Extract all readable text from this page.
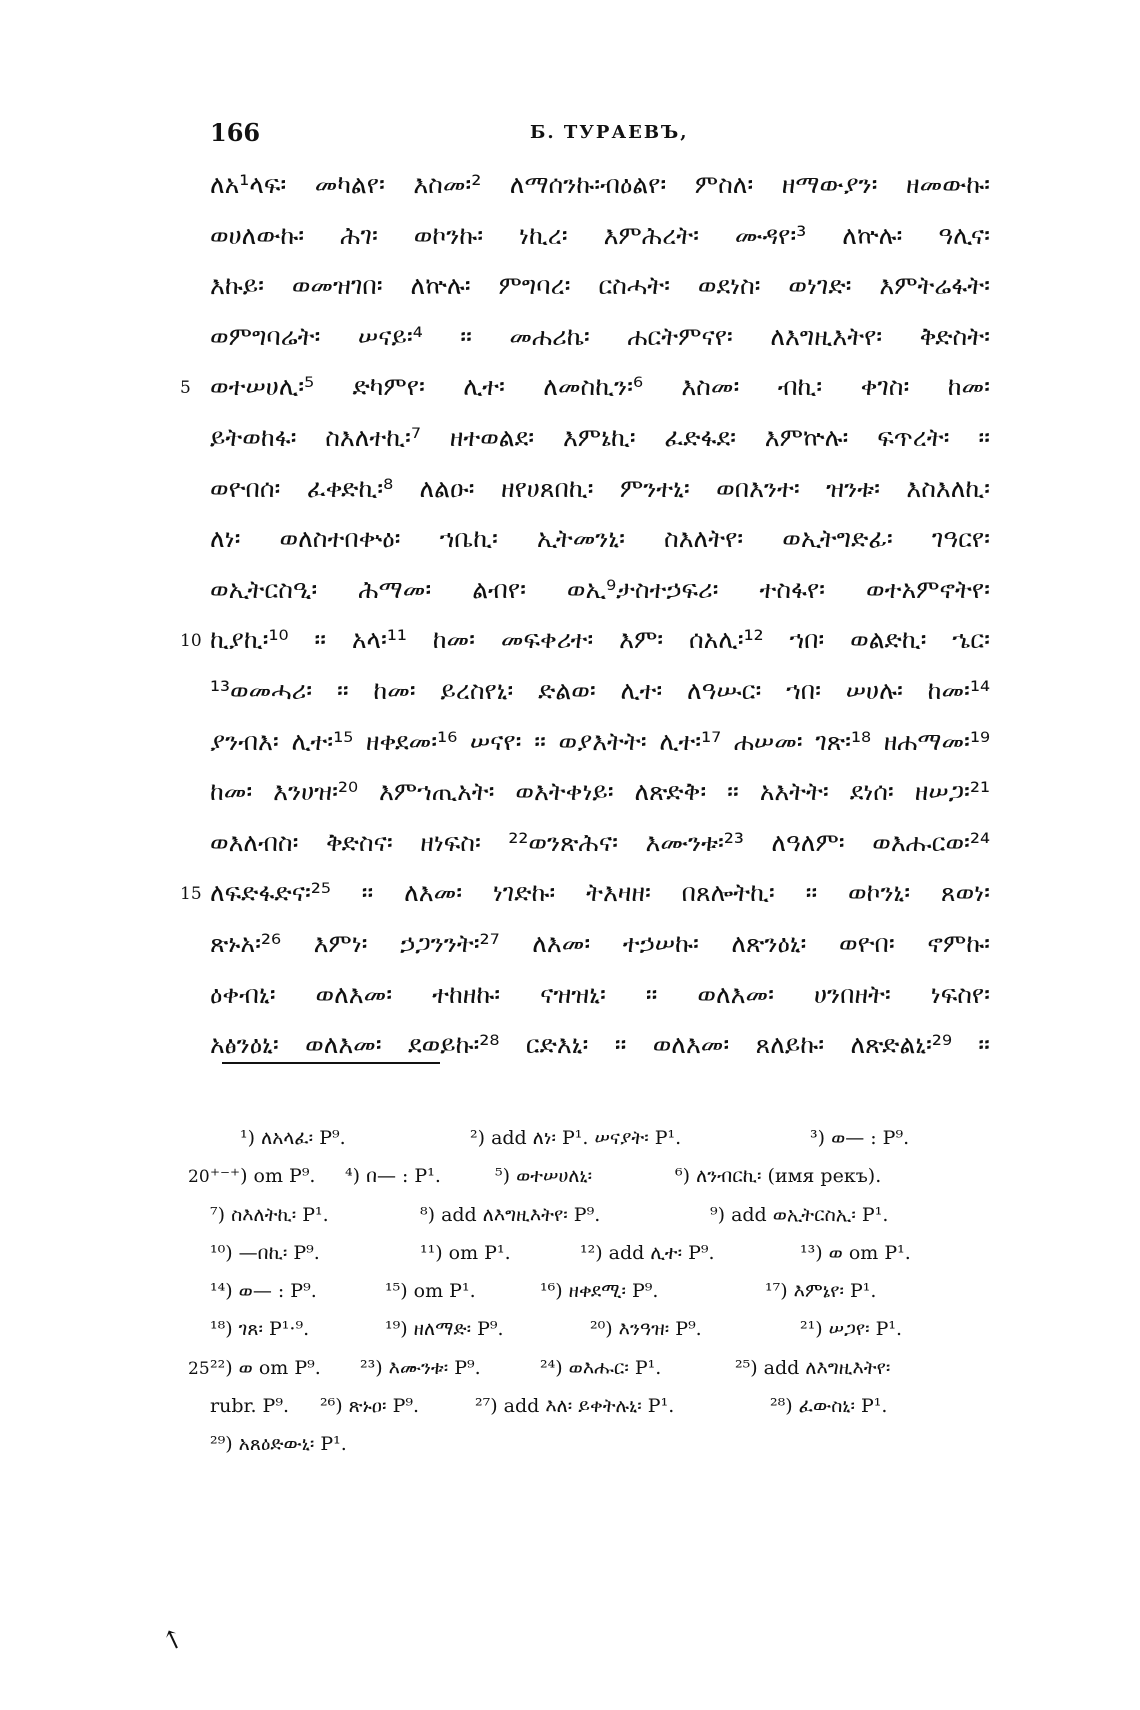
166	Б. ТУРАЕВЪ,
ለአ¹ላፍ፡ መካልየ፡ እስመ፡² ለማሰንኩ፡ብዕልየ፡ ምስለ፡ ዘማውያን፡ ዘመውኩ፡
ወሀለውኩ፡ ሕገ፡ ወኮንኩ፡ ነኪረ፡ እምሕረት፡ ሙዳየ፡³ ለኵሉ፡ ዓሊና፡
እኩይ፡ ወመዝገበ፡ ለኵሉ፡ ምግባረ፡ ርስሓት፡ ወደነስ፡ ወነገድ፡ እምትሬፋት፡
ወምግባሬት፡ ሠናይ፡⁴ ። መሐሪኬ፡ ሐርትምናየ፡ ለእግዚእትየ፡ ቅድስት፡
5 ወተሠሀሊ፡⁵ ድካምየ፡ ሊተ፡ ለመስኪን፡⁶ እስመ፡ ብኪ፡ ቀገስ፡ ከመ፡
ይትወከፋ፡ ስእለተኪ፡⁷ ዘተወልደ፡ እምኔኪ፡ ፈድፋደ፡ እምኵሉ፡ ፍጥረት፡ ።
ወዮበሰ፡ ፈቀድኪ፡⁸ ለልዑ፡ ዘየሀጸበኪ፡ ምንተኒ፡ ወበእንተ፡ ዝንቱ፡ እስእለኪ፡
ለነ፡ ወለስተበቍዕ፡ ኀቤኪ፡ ኢትመንኒ፡ ስእለትየ፡ ወኢትግድፊ፡ ገዓርየ፡
ወኢትርስዒ፡ ሕማመ፡ ልብየ፡ ወኢ⁹ታስተኃፍሪ፡ ተስፋየ፡ ወተአምኖትየ፡
10 ኪያኪ፡¹⁰ ። አላ፡¹¹ ከመ፡ መፍቀሪተ፡ እም፡ ሰአሊ፡¹² ኀበ፡ ወልድኪ፡ ኄር፡
¹³ወመሓሪ፡ ። ከመ፡ ይረስየኒ፡ ድልወ፡ ሊተ፡ ለዓሡር፡ ኀበ፡ ሠሀሉ፡ ከመ፡¹⁴
ያንብእ፡ ሊተ፡¹⁵ ዘቀደመ፡¹⁶ ሠናየ፡ ። ወያእትት፡ ሊተ፡¹⁷ ሐሠመ፡ ገጽ፡¹⁸ ዘሐማመ፡¹⁹
ከመ፡ እንሀዝ፡²⁰ እምኀጢአት፡ ወእትቀነይ፡ ለጽድቅ፡ ። አእትት፡ ደነሰ፡ ዘሠጋ፡²¹
ወእለብስ፡ ቅድስና፡ ዘነፍስ፡ ²²ወንጽሕና፡ እሙንቱ፡²³ ለዓለም፡ ወእሑርወ፡²⁴
15 ለፍድፋድና፡²⁵ ። ለእመ፡ ነገድኩ፡ ትእዛዘ፡ በጸሎትኪ፡ ። ወኮንኒ፡ ጸወነ፡
ጽኑአ፡²⁶ እምነ፡ ኃጋንንት፡²⁷ ለእመ፡ ተኃሠኩ፡ ለጽንዕኒ፡ ወዮበ፡ ኖምኩ፡
ዕቀብኒ፡ ወለእመ፡ ተከዘኩ፡ ናዝዝኒ፡ ። ወለእመ፡ ሀንበዘት፡ ነፍስየ፡
አፅንዕኒ፡ ወለእመ፡ ደወይኩ፡²⁸ ርድእኒ፡ ። ወለእመ፡ ጸለይኩ፡ ለጽድልኒ፡²⁹ ።
¹) ለአላፈ፡ P⁹.	²) add ለነ፡ P¹. ሠናያት፡ P¹.	³) ወ— : P⁹.
20 ⁺⁻⁺) om P⁹. ⁴) በ— : P¹.	⁵) ወተሠሀለኒ፡	⁶) ለንብርኪ፡ (имя рекъ).
⁷) ስእለትኪ፡ P¹.	⁸) add ለእግዚእትየ፡ P⁹.	⁹) add ወኢትርስኢ፡ P¹.
¹⁰) —በኪ፡ P⁹.	¹¹) om P¹.	¹²) add ሊተ፡ P⁹.	¹³) ወ om P¹.
¹⁴) ወ— : P⁹.	¹⁵) om P¹.	¹⁶) ዘቀደሚ፡ P⁹.	¹⁷) እምኔየ፡ P¹.
¹⁸) ገጸ፡ P¹·⁹.	¹⁹) ዘለማድ፡ P⁹.	²⁰) እንዓዝ፡ P⁹.	²¹) ሠጋየ፡ P¹.
25 ²²) ወ om P⁹. ²³) እሙንቱ፡ P⁹.	²⁴) ወእሑር፡ P¹.	²⁵) add ለእግዚእትየ፡
rubr. P⁹. ²⁶) ጽኑዐ፡ P⁹.	²⁷) add እለ፡ ይቀትሉኒ፡ P¹.	²⁸) ፈውስኒ፡ P¹.
²⁹) አጸዕድውኒ፡ P¹.
↖
